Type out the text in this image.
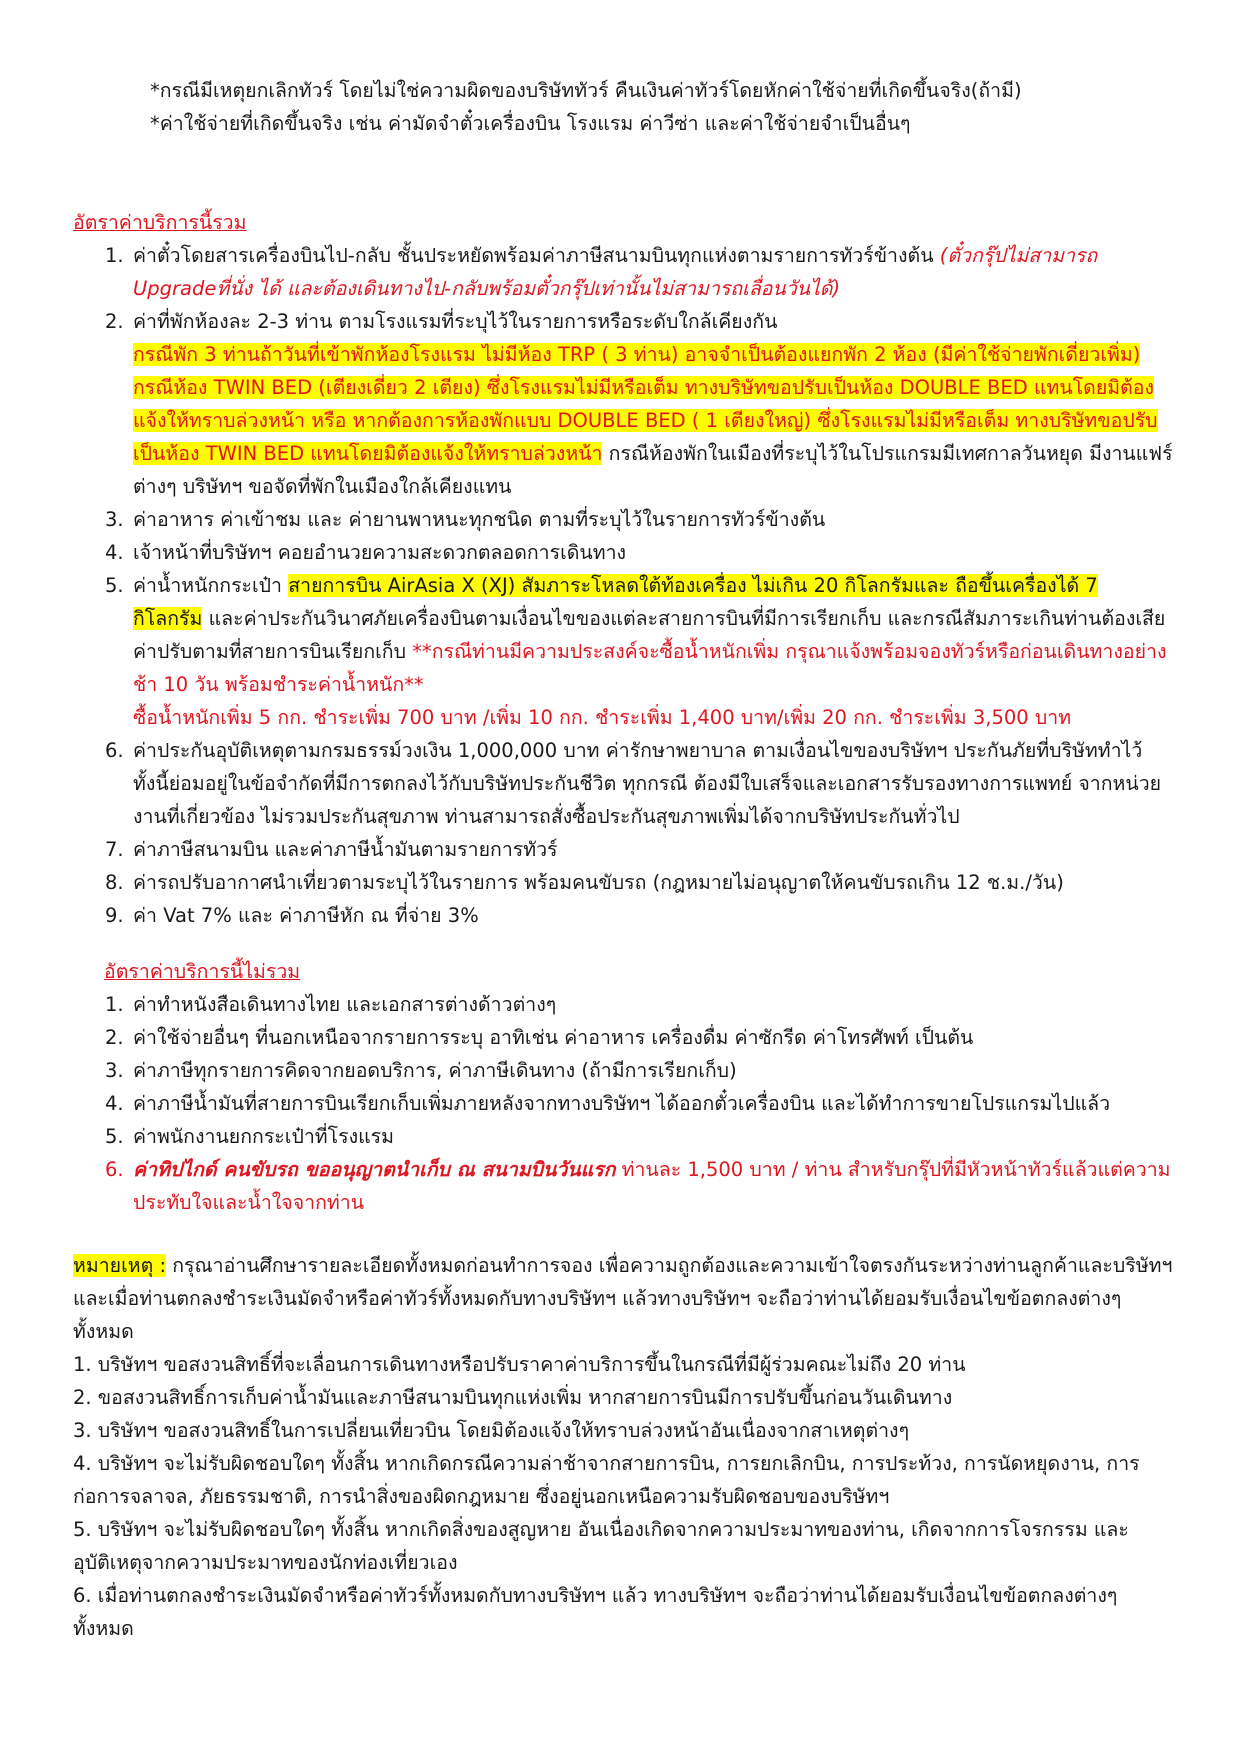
*กรณีมีเหตุยกเลิกทัวร์ โดยไม่ใช่ความผิดของบริษัททัวร์ คืนเงินค่าทัวร์โดยหักค่าใช้จ่ายที่เกิดขึ้นจริง(ถ้ามี)

*ค่าใช้จ่ายที่เกิดขึ้นจริง เช่น ค่ามัดจำตั๋วเครื่องบิน โรงแรม ค่าวีซ่า และค่าใช้จ่ายจำเป็นอื่นๆ

อัตราค่าบริการนี้รวม

1. ค่าตั๋วโดยสารเครื่องบินไป-กลับ ชั้นประหยัดพร้อมค่าภาษีสนามบินทุกแห่งตามรายการทัวร์ข้างต้น (ตั๋วกรุ๊ปไม่สามารถ Upgradeที่นั่ง ได้ และต้องเดินทางไป-กลับพร้อมตั๋วกรุ๊ปเท่านั้นไม่สามารถเลื่อนวันได้)
2. ค่าที่พักห้องละ 2-3 ท่าน ตามโรงแรมที่ระบุไว้ในรายการหรือระดับใกล้เคียงกัน
กรณีพัก 3 ท่านถ้าวันที่เข้าพักห้องโรงแรม ไม่มีห้อง TRP ( 3 ท่าน) อาจจำเป็นต้องแยกพัก 2 ห้อง (มีค่าใช้จ่ายพักเดี่ยวเพิ่ม) กรณีห้อง TWIN BED (เตียงเดี่ยว 2 เตียง) ซึ่งโรงแรมไม่มีหรือเต็ม ทางบริษัทขอปรับเป็นห้อง DOUBLE BED แทนโดยมิต้องแจ้งให้ทราบล่วงหน้า หรือ หากต้องการห้องพักแบบ DOUBLE BED ( 1 เตียงใหญ่) ซึ่งโรงแรมไม่มีหรือเต็ม ทางบริษัทขอปรับเป็นห้อง TWIN BED แทนโดยมิต้องแจ้งให้ทราบล่วงหน้า กรณีห้องพักในเมืองที่ระบุไว้ในโปรแกรมมีเทศกาลวันหยุด มีงานแฟร์ต่างๆ บริษัทฯ ขอจัดที่พักในเมืองใกล้เคียงแทน
3. ค่าอาหาร ค่าเข้าชม และ ค่ายานพาหนะทุกชนิด ตามที่ระบุไว้ในรายการทัวร์ข้างต้น
4. เจ้าหน้าที่บริษัทฯ คอยอำนวยความสะดวกตลอดการเดินทาง
5. ค่าน้ำหนักกระเป๋า สายการบิน AirAsia X (XJ) สัมภาระโหลดใต้ท้องเครื่อง ไม่เกิน 20 กิโลกรัมและ ถือขึ้นเครื่องได้ 7 กิโลกรัม และค่าประกันวินาศภัยเครื่องบินตามเงื่อนไขของแต่ละสายการบินที่มีการเรียกเก็บ และกรณีสัมภาระเกินท่านต้องเสียค่าปรับตามที่สายการบินเรียกเก็บ **กรณีท่านมีความประสงค์จะซื้อน้ำหนักเพิ่ม กรุณาแจ้งพร้อมจองทัวร์หรือก่อนเดินทางอย่างช้า 10 วัน พร้อมชำระค่าน้ำหนัก**
ซื้อน้ำหนักเพิ่ม 5 กก. ชำระเพิ่ม 700 บาท /เพิ่ม 10 กก. ชำระเพิ่ม 1,400 บาท/เพิ่ม 20 กก. ชำระเพิ่ม 3,500 บาท
6. ค่าประกันอุบัติเหตุตามกรมธรรม์วงเงิน 1,000,000 บาท ค่ารักษาพยาบาล ตามเงื่อนไขของบริษัทฯ ประกันภัยที่บริษัททำไว้ ทั้งนี้ย่อมอยู่ในข้อจำกัดที่มีการตกลงไว้กับบริษัทประกันชีวิต ทุกกรณี ต้องมีใบเสร็จและเอกสารรับรองทางการแพทย์ จากหน่วยงานที่เกี่ยวข้อง ไม่รวมประกันสุขภาพ ท่านสามารถสั่งซื้อประกันสุขภาพเพิ่มได้จากบริษัทประกันทั่วไป
7. ค่าภาษีสนามบิน และค่าภาษีน้ำมันตามรายการทัวร์
8. ค่ารถปรับอากาศนำเที่ยวตามระบุไว้ในรายการ พร้อมคนขับรถ (กฎหมายไม่อนุญาตให้คนขับรถเกิน 12 ช.ม./วัน)
9. ค่า Vat 7% และ ค่าภาษีหัก ณ ที่จ่าย 3%

อัตราค่าบริการนี้ไม่รวม

1. ค่าทำหนังสือเดินทางไทย และเอกสารต่างด้าวต่างๆ
2. ค่าใช้จ่ายอื่นๆ ที่นอกเหนือจากรายการระบุ อาทิเช่น ค่าอาหาร เครื่องดื่ม ค่าซักรีด ค่าโทรศัพท์ เป็นต้น
3. ค่าภาษีทุกรายการคิดจากยอดบริการ, ค่าภาษีเดินทาง (ถ้ามีการเรียกเก็บ)
4. ค่าภาษีน้ำมันที่สายการบินเรียกเก็บเพิ่มภายหลังจากทางบริษัทฯ ได้ออกตั๋วเครื่องบิน และได้ทำการขายโปรแกรมไปแล้ว
5. ค่าพนักงานยกกระเป๋าที่โรงแรม
6. ค่าทิปไกด์ คนขับรถ ขออนุญาตนำเก็บ ณ สนามบินวันแรก ท่านละ 1,500 บาท / ท่าน สำหรับกรุ๊ปที่มีหัวหน้าทัวร์แล้วแต่ความประทับใจและน้ำใจจากท่าน

หมายเหตุ : กรุณาอ่านศึกษารายละเอียดทั้งหมดก่อนทำการจอง เพื่อความถูกต้องและความเข้าใจตรงกันระหว่างท่านลูกค้าและบริษัทฯ และเมื่อท่านตกลงชำระเงินมัดจำหรือค่าทัวร์ทั้งหมดกับทางบริษัทฯ แล้วทางบริษัทฯ จะถือว่าท่านได้ยอมรับเงื่อนไขข้อตกลงต่างๆ ทั้งหมด

1. บริษัทฯ ขอสงวนสิทธิ์ที่จะเลื่อนการเดินทางหรือปรับราคาค่าบริการขึ้นในกรณีที่มีผู้ร่วมคณะไม่ถึง 20 ท่าน

2. ขอสงวนสิทธิ์การเก็บค่าน้ำมันและภาษีสนามบินทุกแห่งเพิ่ม หากสายการบินมีการปรับขึ้นก่อนวันเดินทาง

3. บริษัทฯ ขอสงวนสิทธิ์ในการเปลี่ยนเที่ยวบิน โดยมิต้องแจ้งให้ทราบล่วงหน้าอันเนื่องจากสาเหตุต่างๆ

4. บริษัทฯ จะไม่รับผิดชอบใดๆ ทั้งสิ้น หากเกิดกรณีความล่าช้าจากสายการบิน, การยกเลิกบิน, การประท้วง, การนัดหยุดงาน, การก่อการจลาจล, ภัยธรรมชาติ, การนำสิ่งของผิดกฎหมาย ซึ่งอยู่นอกเหนือความรับผิดชอบของบริษัทฯ

5. บริษัทฯ จะไม่รับผิดชอบใดๆ ทั้งสิ้น หากเกิดสิ่งของสูญหาย อันเนื่องเกิดจากความประมาทของท่าน, เกิดจากการโจรกรรม และอุบัติเหตุจากความประมาทของนักท่องเที่ยวเอง

6. เมื่อท่านตกลงชำระเงินมัดจำหรือค่าทัวร์ทั้งหมดกับทางบริษัทฯ แล้ว ทางบริษัทฯ จะถือว่าท่านได้ยอมรับเงื่อนไขข้อตกลงต่างๆ ทั้งหมด
